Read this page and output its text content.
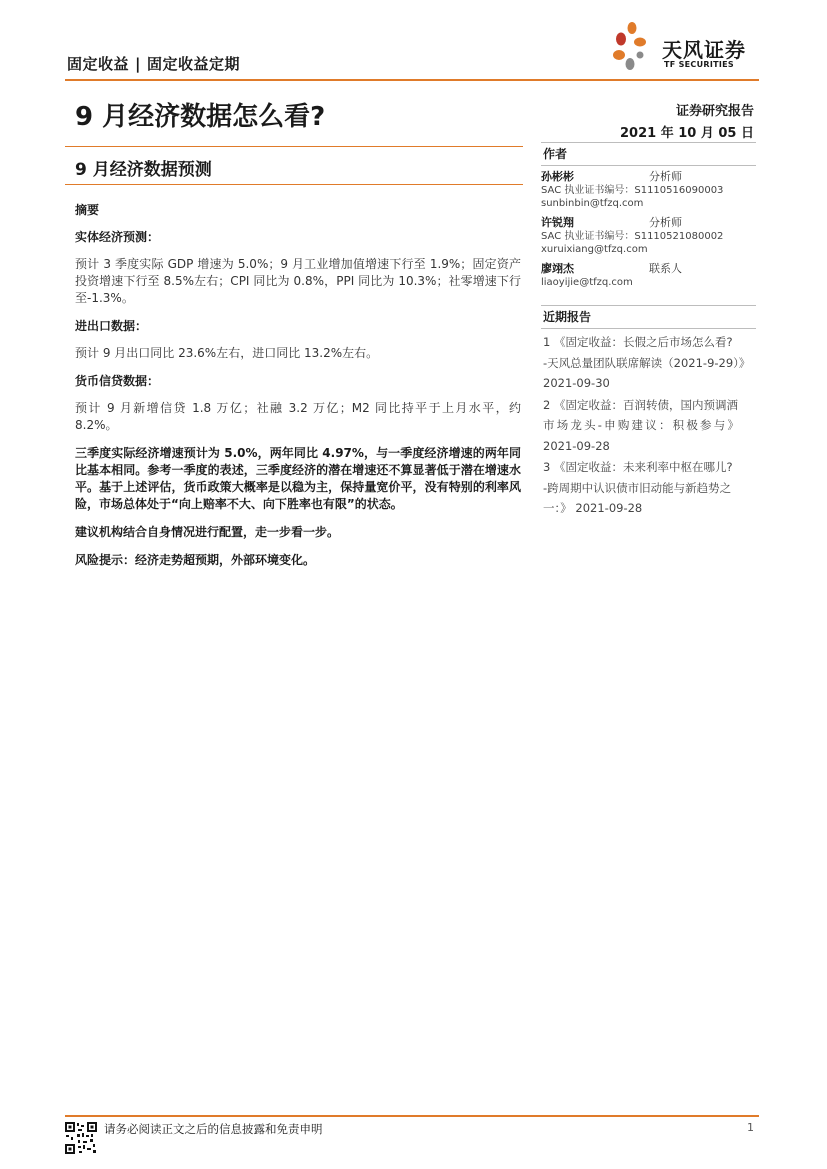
固定收益 | 固定收益定期
天风证券
TF SECURITIES
9 月经济数据怎么看?	证券研究报告
2021 年 10 月 05 日
9 月经济数据预测
摘要
实体经济预测：

预计 3 季度实际 GDP 增速为 5.0%；9 月工业增加值增速下行至 1.9%；固定资产投资增速下行至 8.5%左右；CPI 同比为 0.8%，PPI 同比为 10.3%；社零增速下行至-1.3%。

进出口数据：

预计 9 月出口同比 23.6%左右，进口同比 13.2%左右。

货币信贷数据：

预计 9 月新增信贷 1.8 万亿；社融 3.2 万亿；M2 同比持平于上月水平，约 8.2%。

三季度实际经济增速预计为 5.0%，两年同比 4.97%，与一季度经济增速的两年同比基本相同。参考一季度的表述，三季度经济的潜在增速还不算显著低于潜在增速水平。基于上述评估，货币政策大概率是以稳为主，保持量宽价平，没有特别的利率风险，市场总体处于“向上赔率不大、向下胜率也有限”的状态。

建议机构结合自身情况进行配置，走一步看一步。

风险提示：经济走势超预期，外部环境变化。

作者
孙彬彬	分析师
SAC 执业证书编号：S1110516090003
sunbinbin@tfzq.com
许锐翔	分析师
SAC 执业证书编号：S1110521080002
xuruixiang@tfzq.com
廖翊杰	联系人
liaoyijie@tfzq.com
近期报告
1 《固定收益：长假之后市场怎么看?
-天风总量团队联席解读（2021-9-29）》
2021-09-30
2 《固定收益：百润转债，国内预调酒
市场龙头-申购建议：积极参与》
2021-09-28
3 《固定收益：未来利率中枢在哪儿?
-跨周期中认识债市旧动能与新趋势之
一：》 2021-09-28
请务必阅读正文之后的信息披露和免责申明	1
